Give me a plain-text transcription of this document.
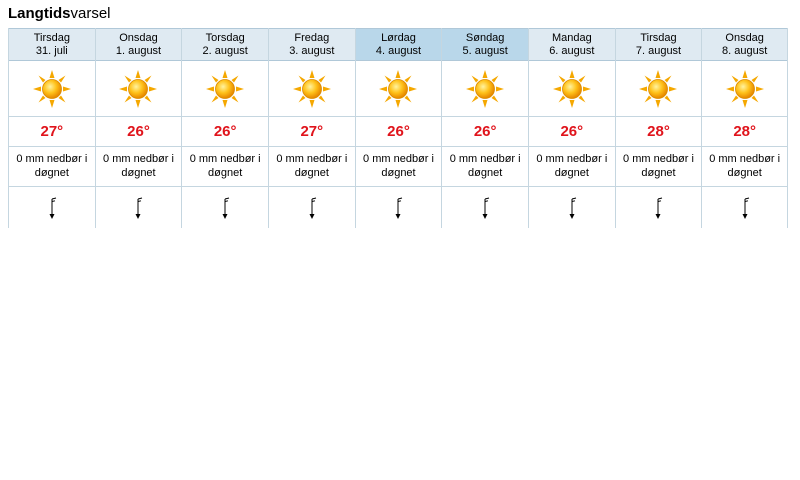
Langtidsvarsel
Tirsdag
31. juli
27°
0 mm nedbør i døgnet
Onsdag
1. august
26°
0 mm nedbør i døgnet
Torsdag
2. august
26°
0 mm nedbør i døgnet
Fredag
3. august
27°
0 mm nedbør i døgnet
Lørdag
4. august
26°
0 mm nedbør i døgnet
Søndag
5. august
26°
0 mm nedbør i døgnet
Mandag
6. august
26°
0 mm nedbør i døgnet
Tirsdag
7. august
28°
0 mm nedbør i døgnet
Onsdag
8. august
28°
0 mm nedbør i døgnet
